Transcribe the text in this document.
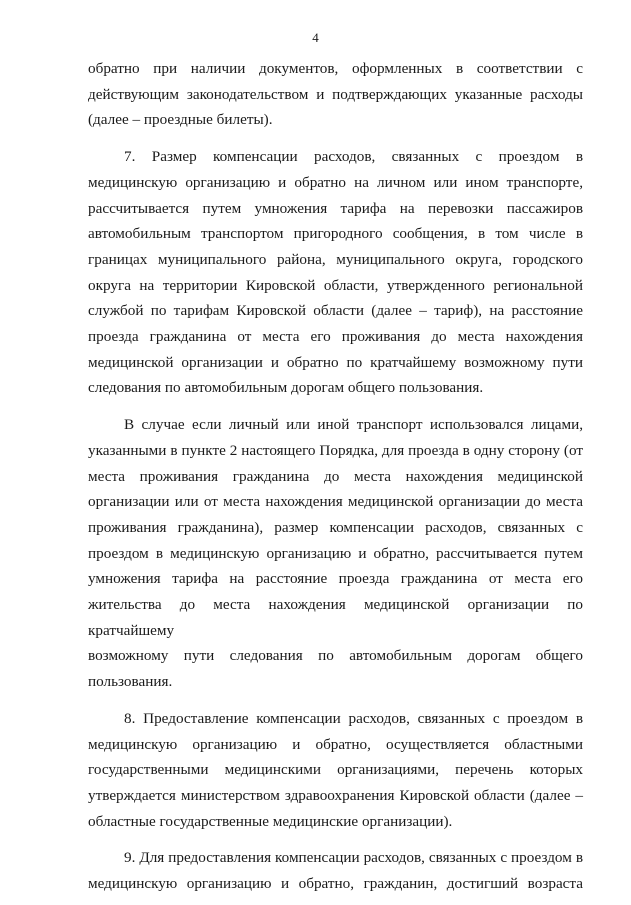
4

обратно при наличии документов, оформленных в соответствии с

действующим законодательством и подтверждающих указанные расходы

(далее – проездные билеты).

7. Размер компенсации расходов, связанных с проездом в

медицинскую организацию и обратно на личном или ином транспорте,

рассчитывается путем умножения тарифа на перевозки пассажиров

автомобильным транспортом пригородного сообщения, в том числе в

границах муниципального района, муниципального округа, городского

округа на территории Кировской области, утвержденного региональной

службой по тарифам Кировской области (далее – тариф), на расстояние

проезда гражданина от места его проживания до места нахождения

медицинской организации и обратно по кратчайшему возможному пути

следования по автомобильным дорогам общего пользования.

В случае если личный или иной транспорт использовался лицами,

указанными в пункте 2 настоящего Порядка, для проезда в одну сторону (от

места проживания гражданина до места нахождения медицинской

организации или от места нахождения медицинской организации до места

проживания гражданина), размер компенсации расходов, связанных с

проездом в медицинскую организацию и обратно, рассчитывается путем

умножения тарифа на расстояние проезда гражданина от места его

жительства до места нахождения медицинской организации по кратчайшему

возможному пути следования по автомобильным дорогам общего

пользования.

8. Предоставление компенсации расходов, связанных с проездом в

медицинскую организацию и обратно, осуществляется областными

государственными медицинскими организациями, перечень которых

утверждается министерством здравоохранения Кировской области (далее –

областные государственные медицинские организации).

9. Для предоставления компенсации расходов, связанных с проездом в

медицинскую организацию и обратно, гражданин, достигший возраста
